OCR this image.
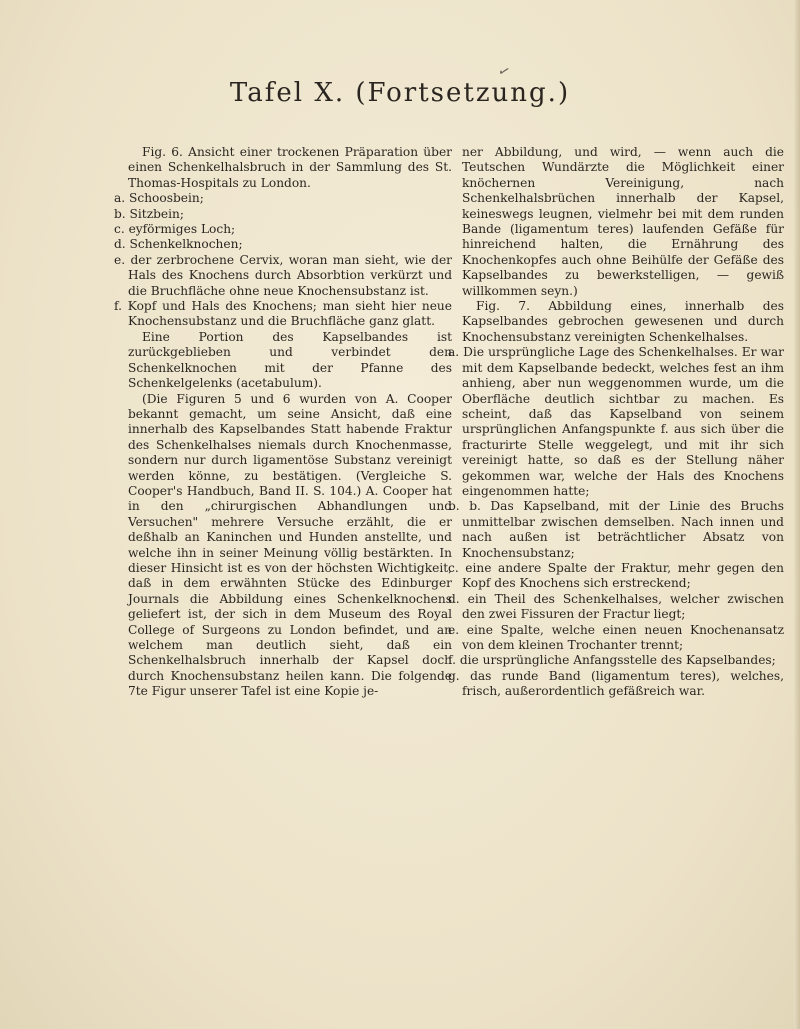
✓
Tafel X. (Fortsetzung.)

Fig. 6. Ansicht einer trockenen Präparation über einen Schenkelhalsbruch in der Sammlung des St. Thomas-Hospitals zu London.

a. Schoosbein;

b. Sitzbein;

c. eyförmiges Loch;

d. Schenkelknochen;

e. der zerbrochene Cervix, woran man sieht, wie der Hals des Knochens durch Absorbtion verkürzt und die Bruchfläche ohne neue Knochensubstanz ist.

f. Kopf und Hals des Knochens; man sieht hier neue Knochensubstanz und die Bruchfläche ganz glatt.

Eine Portion des Kapselbandes ist zurückgeblieben und verbindet den Schenkelknochen mit der Pfanne des Schenkelgelenks (acetabulum).

(Die Figuren 5 und 6 wurden von A. Cooper bekannt gemacht, um seine Ansicht, daß eine innerhalb des Kapselbandes Statt habende Fraktur des Schenkelhalses niemals durch Knochenmasse, sondern nur durch ligamentöse Substanz vereinigt werden könne, zu bestätigen. (Vergleiche S. Cooper's Handbuch, Band II. S. 104.) A. Cooper hat in den „chirurgischen Abhandlungen und Versuchen" mehrere Versuche erzählt, die er deßhalb an Kaninchen und Hunden anstellte, und welche ihn in seiner Meinung völlig bestärkten. In dieser Hinsicht ist es von der höchsten Wichtigkeit, daß in dem erwähnten Stücke des Edinburger Journals die Abbildung eines Schenkelknochens geliefert ist, der sich in dem Museum des Royal College of Surgeons zu London befindet, und an welchem man deutlich sieht, daß ein Schenkelhalsbruch innerhalb der Kapsel doch durch Knochensubstanz heilen kann. Die folgende 7te Figur unserer Tafel ist eine Kopie je-

ner Abbildung, und wird, — wenn auch die Teutschen Wundärzte die Möglichkeit einer knöchernen Vereinigung, nach Schenkelhalsbrüchen innerhalb der Kapsel, keineswegs leugnen, vielmehr bei mit dem runden Bande (ligamentum teres) laufenden Gefäße für hinreichend halten, die Ernährung des Knochenkopfes auch ohne Beihülfe der Gefäße des Kapselbandes zu bewerkstelligen, — gewiß willkommen seyn.)

Fig. 7. Abbildung eines, innerhalb des Kapselbandes gebrochen gewesenen und durch Knochensubstanz vereinigten Schenkelhalses.

a. Die ursprüngliche Lage des Schenkelhalses. Er war mit dem Kapselbande bedeckt, welches fest an ihm anhieng, aber nun weggenommen wurde, um die Oberfläche deutlich sichtbar zu machen. Es scheint, daß das Kapselband von seinem ursprünglichen Anfangspunkte f. aus sich über die fracturirte Stelle weggelegt, und mit ihr sich vereinigt hatte, so daß es der Stellung näher gekommen war, welche der Hals des Knochens eingenommen hatte;

b. b. Das Kapselband, mit der Linie des Bruchs unmittelbar zwischen demselben. Nach innen und nach außen ist beträchtlicher Absatz von Knochensubstanz;

c. eine andere Spalte der Fraktur, mehr gegen den Kopf des Knochens sich erstreckend;

d. ein Theil des Schenkelhalses, welcher zwischen den zwei Fissuren der Fractur liegt;

e. eine Spalte, welche einen neuen Knochenansatz von dem kleinen Trochanter trennt;

f. die ursprüngliche Anfangsstelle des Kapselbandes;

g. das runde Band (ligamentum teres), welches, frisch, außerordentlich gefäßreich war.
